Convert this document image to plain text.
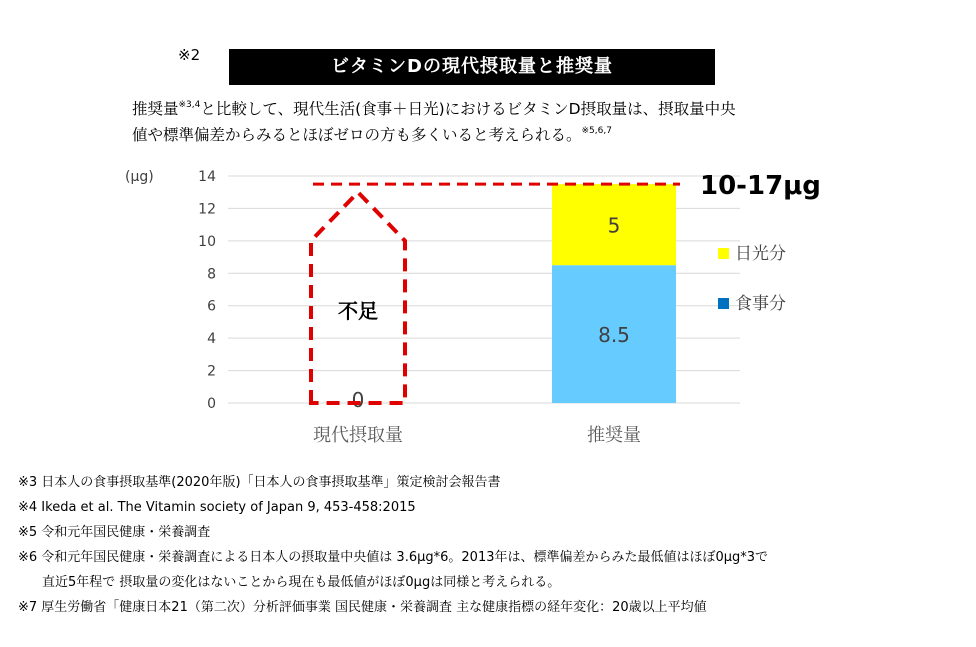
※2
ビタミンDの現代摂取量と推奨量
推奨量$^{※3,4}$と比較して、現代生活(食事＋日光)におけるビタミンD摂取量は、摂取量中央
値や標準偏差からみるとほぼゼロの方も多くいると考えられる。$^{※5,6,7}$
(μg)
0
2
4
6
8
10
12
14
0
8.5
5
現代摂取量	推奨量
10-17μg
不足
日光分
食事分
※3 日本人の食事摂取基準(2020年版)「日本人の食事摂取基準」策定検討会報告書
※4 Ikeda et al. The Vitamin society of Japan 9, 453-458:2015
※5 令和元年国民健康・栄養調査
※6 令和元年国民健康・栄養調査による日本人の摂取量中央値は 3.6μg*6。2013年は、標準偏差からみた最低値はほぼ0μg*3で
直近5年程で 摂取量の変化はないことから現在も最低値がほぼ0μgは同様と考えられる。
※7 厚生労働省「健康日本21（第二次）分析評価事業 国民健康・栄養調査 主な健康指標の経年変化：20歳以上平均値
